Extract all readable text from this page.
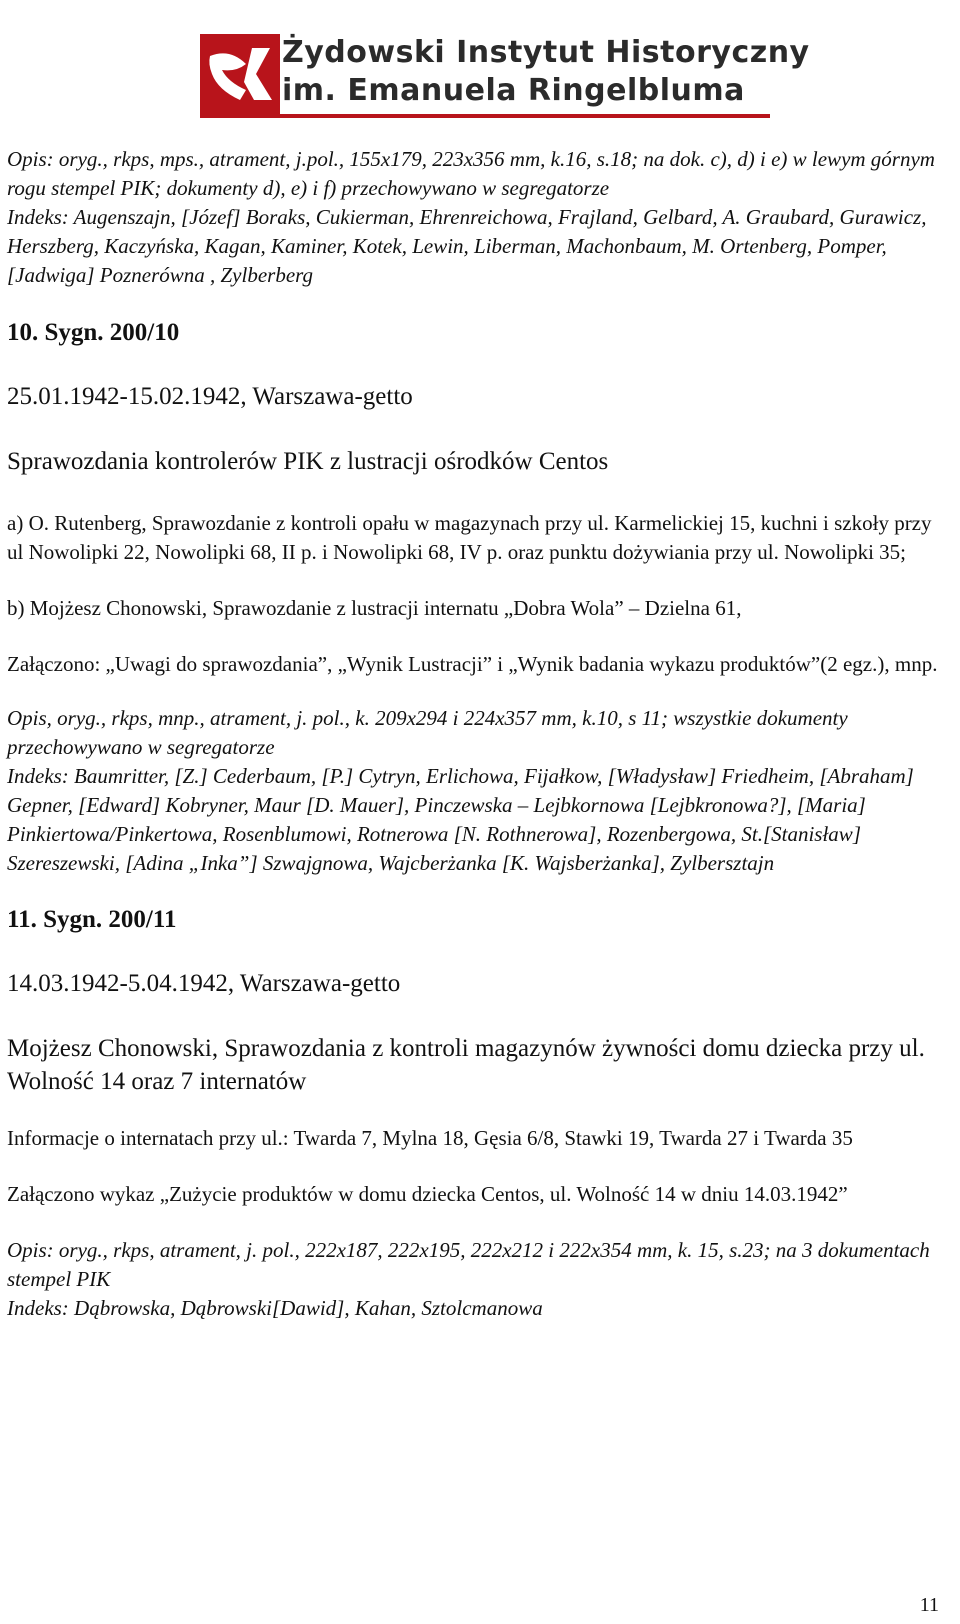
Żydowski Instytut Historyczny
im. Emanuela Ringelbluma

Opis: oryg., rkps, mps., atrament, j.pol., 155x179, 223x356 mm, k.16, s.18; na dok. c), d) i e) w lewym górnym rogu stempel PIK; dokumenty d), e) i f) przechowywano w segregatorze

Indeks: Augenszajn, [Józef] Boraks, Cukierman, Ehrenreichowa, Frajland, Gelbard, A. Graubard, Gurawicz, Herszberg, Kaczyńska, Kagan, Kaminer, Kotek, Lewin, Liberman, Machonbaum, M. Ortenberg, Pomper, [Jadwiga] Poznerówna , Zylberberg

10. Sygn. 200/10

25.01.1942-15.02.1942, Warszawa-getto

Sprawozdania kontrolerów PIK z lustracji ośrodków Centos

a) O. Rutenberg, Sprawozdanie z kontroli opału w magazynach przy ul. Karmelickiej 15, kuchni i szkoły przy ul Nowolipki 22, Nowolipki 68, II p. i Nowolipki 68, IV p. oraz punktu dożywiania przy ul. Nowolipki 35;

b) Mojżesz Chonowski, Sprawozdanie z lustracji internatu „Dobra Wola” – Dzielna 61,

Załączono: „Uwagi do sprawozdania”, „Wynik Lustracji” i „Wynik badania wykazu produktów”(2 egz.), mnp.

Opis, oryg., rkps, mnp., atrament, j. pol., k. 209x294 i 224x357 mm, k.10, s 11; wszystkie dokumenty przechowywano w segregatorze

Indeks: Baumritter, [Z.] Cederbaum, [P.] Cytryn, Erlichowa, Fijałkow, [Władysław] Friedheim, [Abraham] Gepner, [Edward] Kobryner, Maur [D. Mauer], Pinczewska – Lejbkornowa [Lejbkronowa?], [Maria] Pinkiertowa/Pinkertowa, Rosenblumowi, Rotnerowa [N. Rothnerowa], Rozenbergowa, St.[Stanisław] Szereszewski, [Adina „Inka”] Szwajgnowa, Wajcberżanka [K. Wajsberżanka], Zylbersztajn

11. Sygn. 200/11

14.03.1942-5.04.1942, Warszawa-getto

Mojżesz Chonowski, Sprawozdania z kontroli magazynów żywności domu dziecka przy ul. Wolność 14 oraz 7 internatów

Informacje o internatach przy ul.: Twarda 7, Mylna 18, Gęsia 6/8, Stawki 19, Twarda 27 i Twarda 35

Załączono wykaz „Zużycie produktów w domu dziecka Centos, ul. Wolność 14 w dniu 14.03.1942”

Opis: oryg., rkps, atrament, j. pol., 222x187, 222x195, 222x212 i 222x354 mm, k. 15, s.23; na 3 dokumentach stempel PIK

Indeks: Dąbrowska, Dąbrowski[Dawid], Kahan, Sztolcmanowa

11
